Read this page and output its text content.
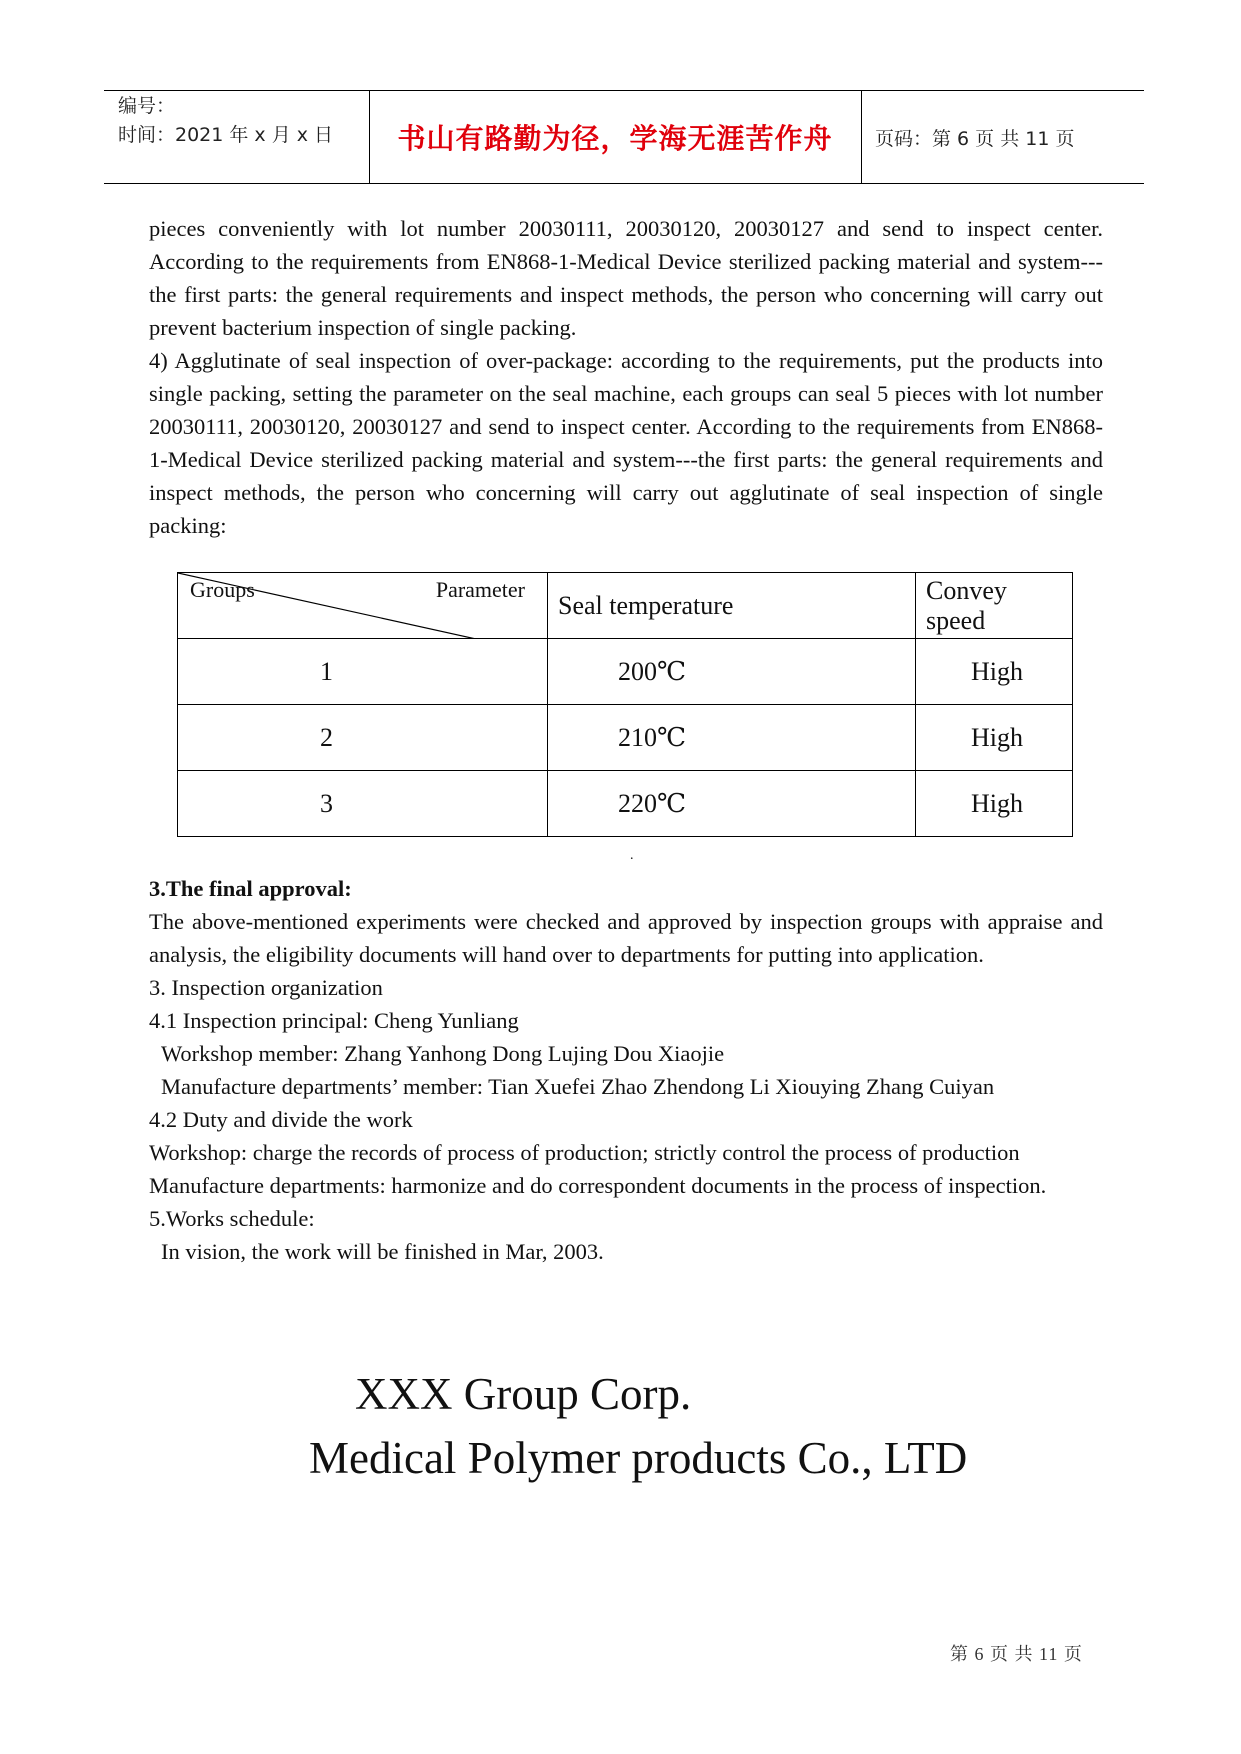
编号：
时间：2021 年 x 月 x 日	书山有路勤为径，学海无涯苦作舟	页码：第 6 页 共 11 页

pieces conveniently with lot number 20030111, 20030120, 20030127 and send to inspect center. According to the requirements from EN868-1-Medical Device sterilized packing material and system---the first parts: the general requirements and inspect methods, the person who concerning will carry out prevent bacterium inspection of single packing.

4) Agglutinate of seal inspection of over-package: according to the requirements, put the products into single packing, setting the parameter on the seal machine, each groups can seal 5 pieces with lot number 20030111, 20030120, 20030127 and send to inspect center. According to the requirements from EN868-1-Medical Device sterilized packing material and system---the first parts: the general requirements and inspect methods, the person who concerning will carry out agglutinate of seal inspection of single packing:

Groups Parameter	Seal temperature	Convey speed
1	200℃	High
2	210℃	High
3	220℃	High
.

3.The final approval:

The above-mentioned experiments were checked and approved by inspection groups with appraise and analysis, the eligibility documents will hand over to departments for putting into application.

3. Inspection organization

4.1 Inspection principal: Cheng Yunliang

Workshop member: Zhang Yanhong Dong Lujing Dou Xiaojie

Manufacture departments’ member: Tian Xuefei Zhao Zhendong Li Xiouying Zhang Cuiyan

4.2 Duty and divide the work

Workshop: charge the records of process of production; strictly control the process of production

Manufacture departments: harmonize and do correspondent documents in the process of inspection.

5.Works schedule:

In vision, the work will be finished in Mar, 2003.

XXX Group Corp.
Medical Polymer products Co., LTD
第 6 页 共 11 页
